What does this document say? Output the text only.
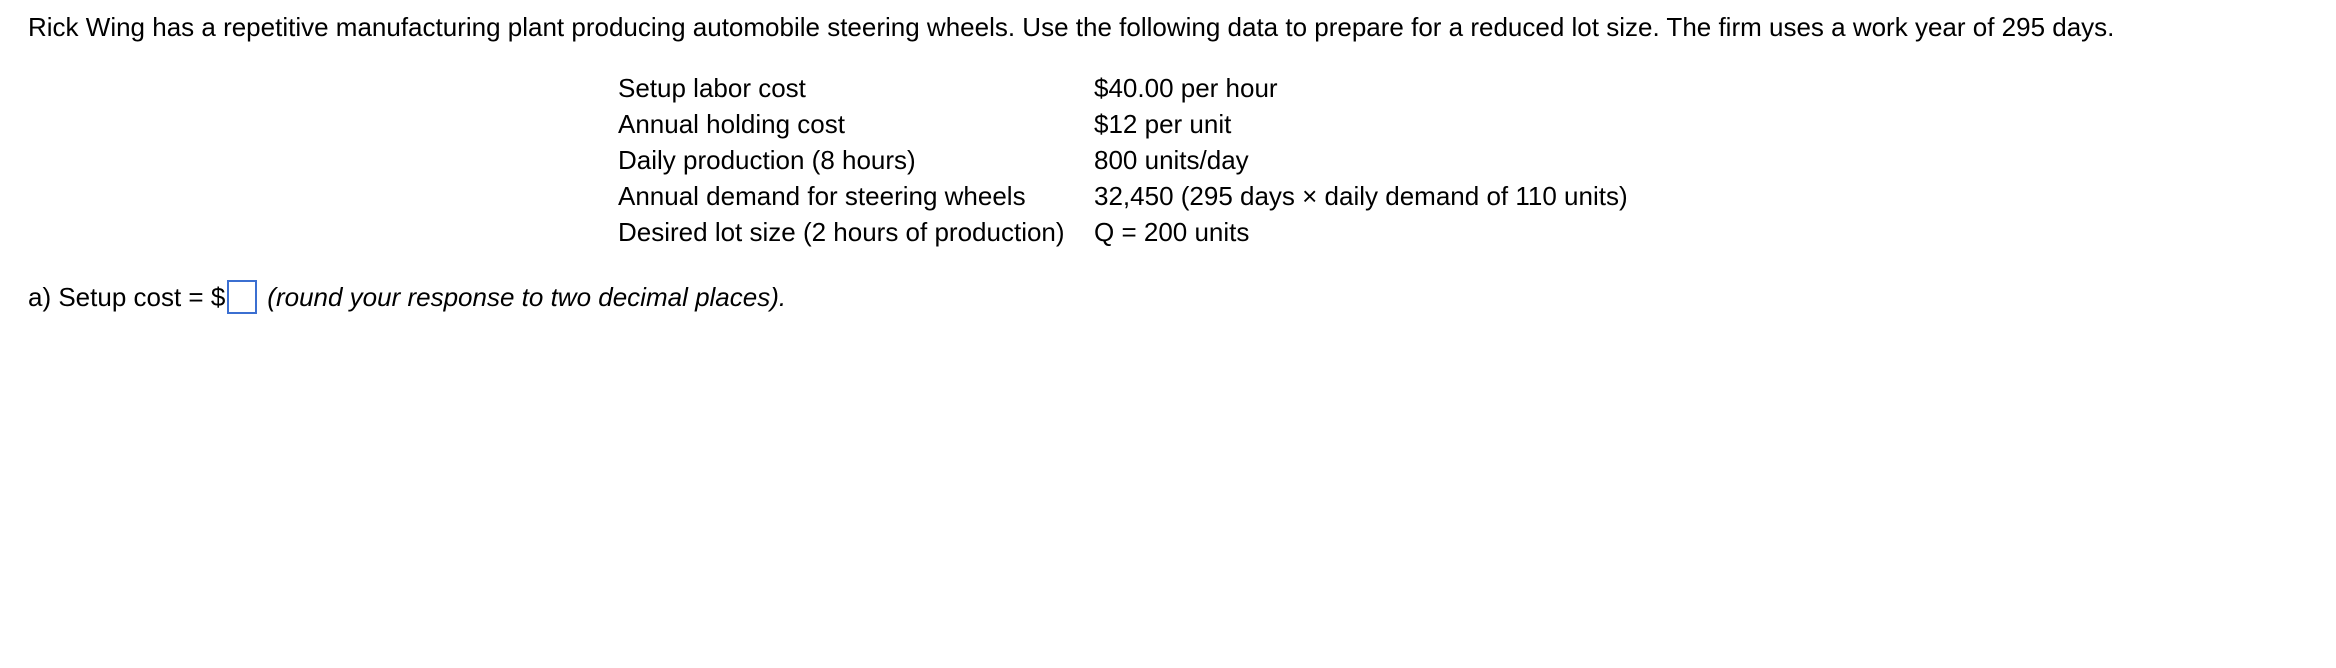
Rick Wing has a repetitive manufacturing plant producing automobile steering wheels. Use the following data to prepare for a reduced lot size. The firm uses a work year of 295 days.

Setup labor cost	$40.00 per hour
Annual holding cost	$12 per unit
Daily production (8 hours)	800 units/day
Annual demand for steering wheels	32,450 (295 days × daily demand of 110 units)
Desired lot size (2 hours of production)	Q = 200 units
a) Setup cost = $ (round your response to two decimal places).
